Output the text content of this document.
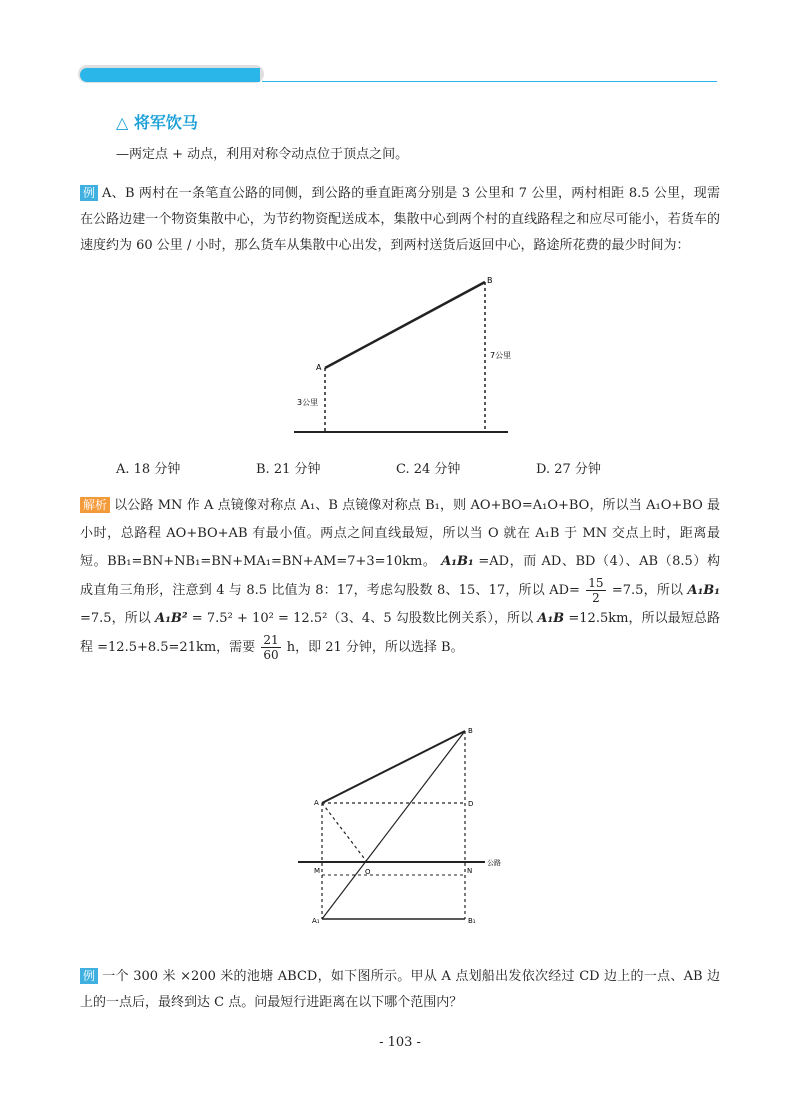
△ 将军饮马
—两定点 + 动点，利用对称令动点位于顶点之间。
例 A、B 两村在一条笔直公路的同侧，到公路的垂直距离分别是 3 公里和 7 公里，两村相距 8.5 公里，现需在公路边建一个物资集散中心，为节约物资配送成本，集散中心到两个村的直线路程之和应尽可能小，若货车的速度约为 60 公里 / 小时，那么货车从集散中心出发，到两村送货后返回中心，路途所花费的最少时间为：
A
B
3公里
7公里
A. 18 分钟	B. 21 分钟	C. 24 分钟	D. 27 分钟
解析 以公路 MN 作 A 点镜像对称点 A₁、B 点镜像对称点 B₁，则 AO+BO=A₁O+BO，所以当 A₁O+BO 最小时，总路程 AO+BO+AB 有最小值。两点之间直线最短，所以当 O 就在 A₁B 于 MN 交点上时，距离最短。BB₁=BN+NB₁=BN+MA₁=BN+AM=7+3=10km。 A₁B₁ =AD，而 AD、BD（4）、AB（8.5）构成直角三角形，注意到 4 与 8.5 比值为 8：17，考虑勾股数 8、15、17，所以 $AD= \frac{15}{2} =7.5$，所以 A₁B₁ =7.5，所以 A₁B² = 7.5² + 10² = 12.5²（3、4、5 勾股数比例关系），所以 A₁B =12.5km，所以最短总路程 =12.5+8.5=21km，需要 $\frac{21}{60}$ h，即 21 分钟，所以选择 B。
A
B
D
M	O	N
A₁	B₁
公路
例 一个 300 米 ×200 米的池塘 ABCD，如下图所示。甲从 A 点划船出发依次经过 CD 边上的一点、AB 边上的一点后，最终到达 C 点。问最短行进距离在以下哪个范围内？
- 103 -
